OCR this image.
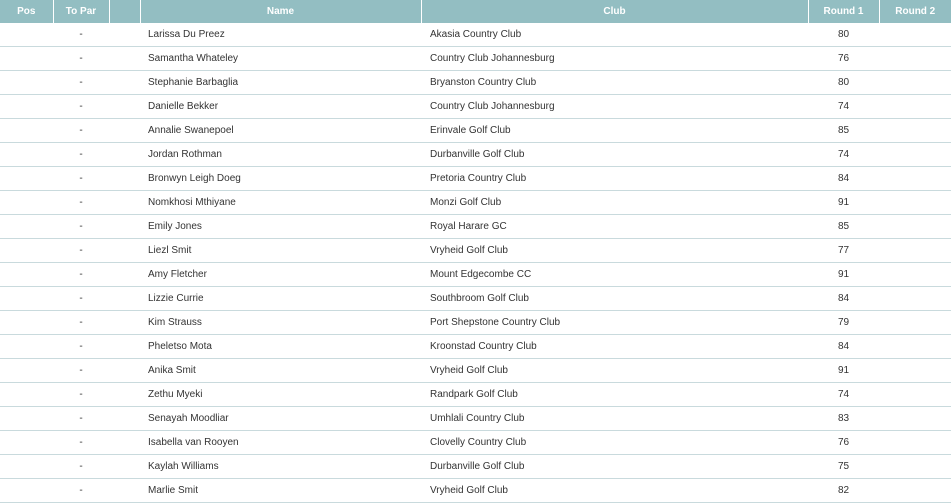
Pos	To Par		Name	Club	Round 1	Round 2
	-		Larissa Du Preez	Akasia Country Club	80	
	-		Samantha Whateley	Country Club Johannesburg	76	
	-		Stephanie Barbaglia	Bryanston Country Club	80	
	-		Danielle Bekker	Country Club Johannesburg	74	
	-		Annalie Swanepoel	Erinvale Golf Club	85	
	-		Jordan Rothman	Durbanville Golf Club	74	
	-		Bronwyn Leigh Doeg	Pretoria Country Club	84	
	-		Nomkhosi Mthiyane	Monzi Golf Club	91	
	-		Emily Jones	Royal Harare GC	85	
	-		Liezl Smit	Vryheid Golf Club	77	
	-		Amy Fletcher	Mount Edgecombe CC	91	
	-		Lizzie Currie	Southbroom Golf Club	84	
	-		Kim Strauss	Port Shepstone Country Club	79	
	-		Pheletso Mota	Kroonstad Country Club	84	
	-		Anika Smit	Vryheid Golf Club	91	
	-		Zethu Myeki	Randpark Golf Club	74	
	-		Senayah Moodliar	Umhlali Country Club	83	
	-		Isabella van Rooyen	Clovelly Country Club	76	
	-		Kaylah Williams	Durbanville Golf Club	75	
	-		Marlie Smit	Vryheid Golf Club	82	
